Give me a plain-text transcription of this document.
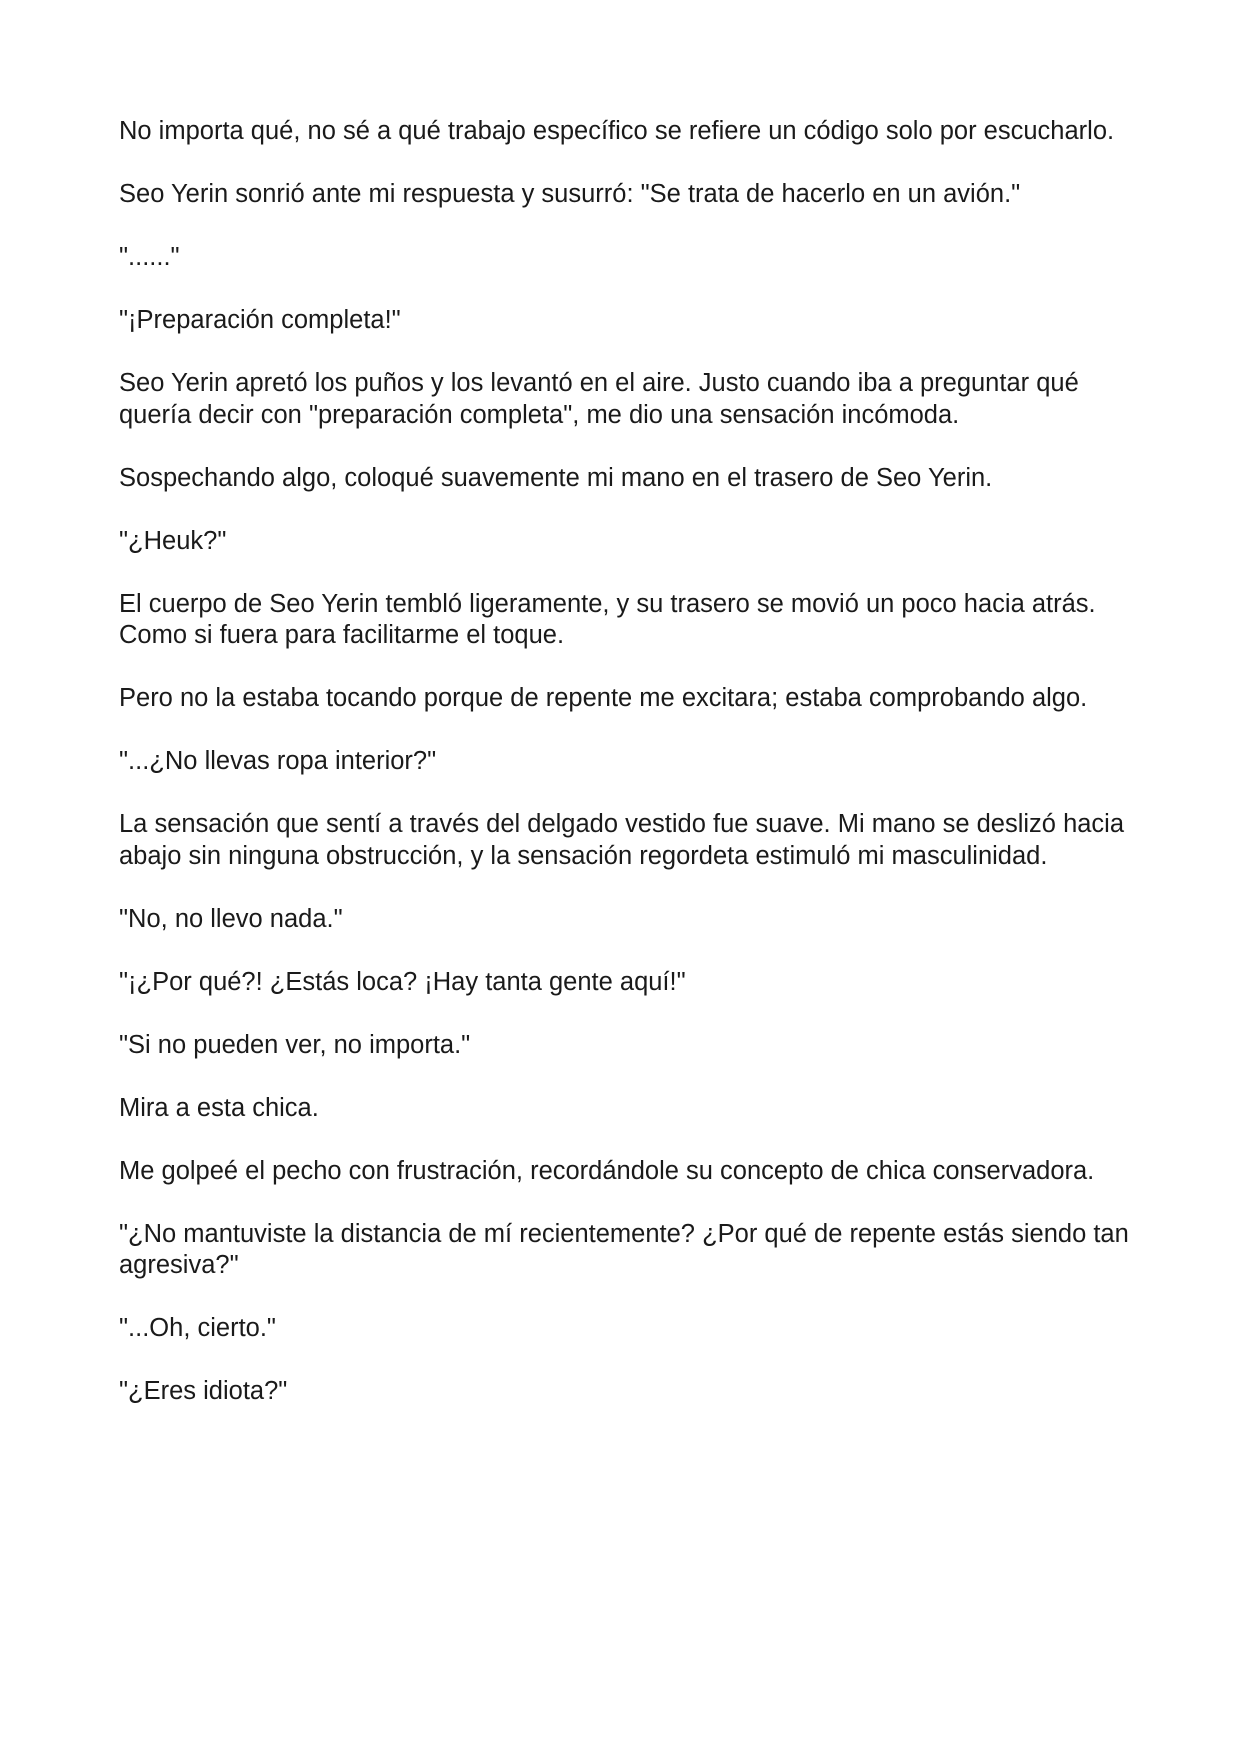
No importa qué, no sé a qué trabajo específico se refiere un código solo por escucharlo.

Seo Yerin sonrió ante mi respuesta y susurró: "Se trata de hacerlo en un avión."

"......"

"¡Preparación completa!"

Seo Yerin apretó los puños y los levantó en el aire. Justo cuando iba a preguntar qué quería decir con "preparación completa", me dio una sensación incómoda.

Sospechando algo, coloqué suavemente mi mano en el trasero de Seo Yerin.

"¿Heuk?"

El cuerpo de Seo Yerin tembló ligeramente, y su trasero se movió un poco hacia atrás. Como si fuera para facilitarme el toque.

Pero no la estaba tocando porque de repente me excitara; estaba comprobando algo.

"...¿No llevas ropa interior?"

La sensación que sentí a través del delgado vestido fue suave. Mi mano se deslizó hacia abajo sin ninguna obstrucción, y la sensación regordeta estimuló mi masculinidad.

"No, no llevo nada."

"¡¿Por qué?! ¿Estás loca? ¡Hay tanta gente aquí!"

"Si no pueden ver, no importa."

Mira a esta chica.

Me golpeé el pecho con frustración, recordándole su concepto de chica conservadora.

"¿No mantuviste la distancia de mí recientemente? ¿Por qué de repente estás siendo tan agresiva?"

"...Oh, cierto."

"¿Eres idiota?"
